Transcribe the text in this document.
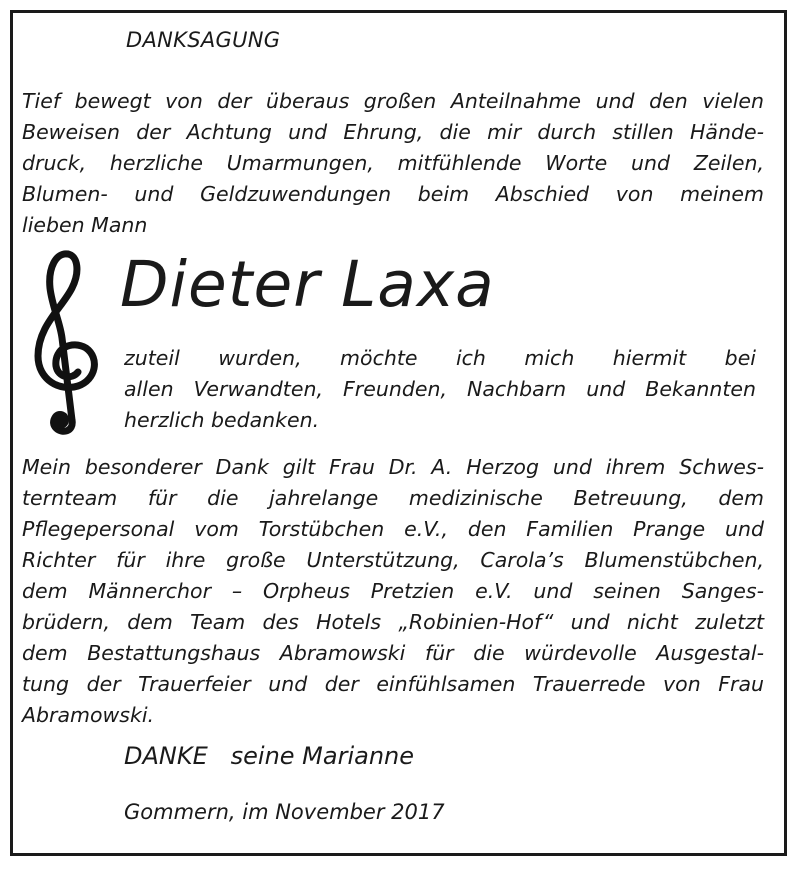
DANKSAGUNG
Tief bewegt von der überaus großen Anteilnahme und den vielen
Beweisen der Achtung und Ehrung, die mir durch stillen Hände-
druck, herzliche Umarmungen, mitfühlende Worte und Zeilen,
Blumen- und Geldzuwendungen beim Abschied von meinem
lieben Mann
Dieter Laxa
zuteil wurden, möchte ich mich hiermit bei
allen Verwandten, Freunden, Nachbarn und Bekannten
herzlich bedanken.
Mein besonderer Dank gilt Frau Dr. A. Herzog und ihrem Schwes-
ternteam für die jahrelange medizinische Betreuung, dem
Pflegepersonal vom Torstübchen e.V., den Familien Prange und
Richter für ihre große Unterstützung, Carola’s Blumenstübchen,
dem Männerchor – Orpheus Pretzien e.V. und seinen Sanges-
brüdern, dem Team des Hotels „Robinien-Hof“ und nicht zuletzt
dem Bestattungshaus Abramowski für die würdevolle Ausgestal-
tung der Trauerfeier und der einfühlsamen Trauerrede von Frau
Abramowski.
DANKE   seine Marianne
Gommern, im November 2017
